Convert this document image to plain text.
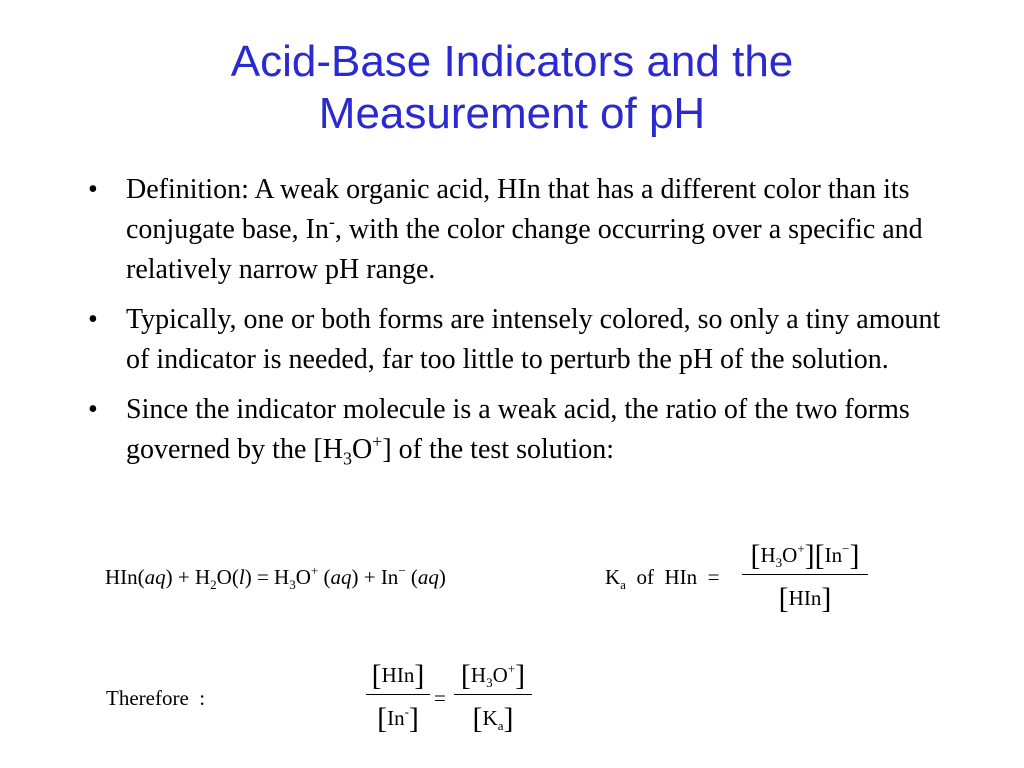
Acid-Base Indicators and the
Measurement of pH
• Definition: A weak organic acid, HIn that has a different color than its conjugate base, In-, with the color change occurring over a specific and relatively narrow pH range.
• Typically, one or both forms are intensely colored, so only a tiny amount of indicator is needed, far too little to perturb the pH of the solution.
• Since the indicator molecule is a weak acid, the ratio of the two forms governed by the $[H_3O^+]$ of the test solution:
$HIn(aq) + H_2O(l) = H_3O^+$ (aq) + In− (aq)	$K_a$ of HIn =
$[H_3O^+][In^-]$
[HIn]
Therefore :
[HIn]
[In-]
=
$[H_3O^+]$
$[K_a]$
